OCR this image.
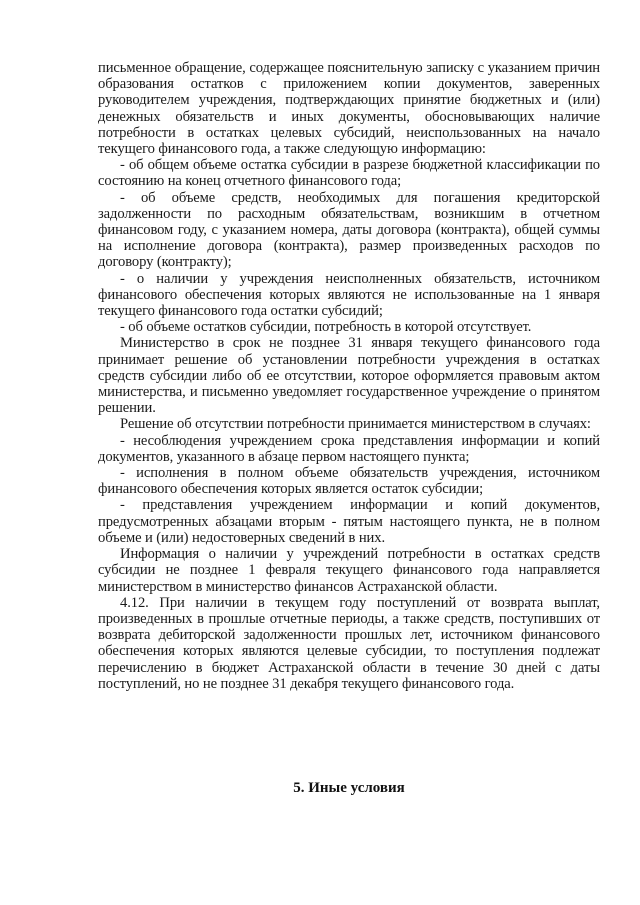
письменное обращение, содержащее пояснительную записку с указанием причин образования остатков с приложением копии документов, заверенных руководителем учреждения, подтверждающих принятие бюджетных и (или) денежных обязательств и иных документы, обосновывающих наличие потребности в остатках целевых субсидий, неиспользованных на начало текущего финансового года, а также следующую информацию:

- об общем объеме остатка субсидии в разрезе бюджетной классификации по состоянию на конец отчетного финансового года;

- об объеме средств, необходимых для погашения кредиторской задолженности по расходным обязательствам, возникшим в отчетном финансовом году, с указанием номера, даты договора (контракта), общей суммы на исполнение договора (контракта), размер произведенных расходов по договору (контракту);

- о наличии у учреждения неисполненных обязательств, источником финансового обеспечения которых являются не использованные на 1 января текущего финансового года остатки субсидий;

- об объеме остатков субсидии, потребность в которой отсутствует.

Министерство в срок не позднее 31 января текущего финансового года принимает решение об установлении потребности учреждения в остатках средств субсидии либо об ее отсутствии, которое оформляется правовым актом министерства, и письменно уведомляет государственное учреждение о принятом решении.

Решение об отсутствии потребности принимается министерством в случаях:

- несоблюдения учреждением срока представления информации и копий документов, указанного в абзаце первом настоящего пункта;

- исполнения в полном объеме обязательств учреждения, источником финансового обеспечения которых является остаток субсидии;

- представления учреждением информации и копий документов, предусмотренных абзацами вторым - пятым настоящего пункта, не в полном объеме и (или) недостоверных сведений в них.

Информация о наличии у учреждений потребности в остатках средств субсидии не позднее 1 февраля текущего финансового года направляется министерством в министерство финансов Астраханской области.

4.12. При наличии в текущем году поступлений от возврата выплат, произведенных в прошлые отчетные периоды, а также средств, поступивших от возврата дебиторской задолженности прошлых лет, источником финансового обеспечения которых являются целевые субсидии, то поступления подлежат перечислению в бюджет Астраханской области в течение 30 дней с даты поступлений, но не позднее 31 декабря текущего финансового года.

5. Иные условия
